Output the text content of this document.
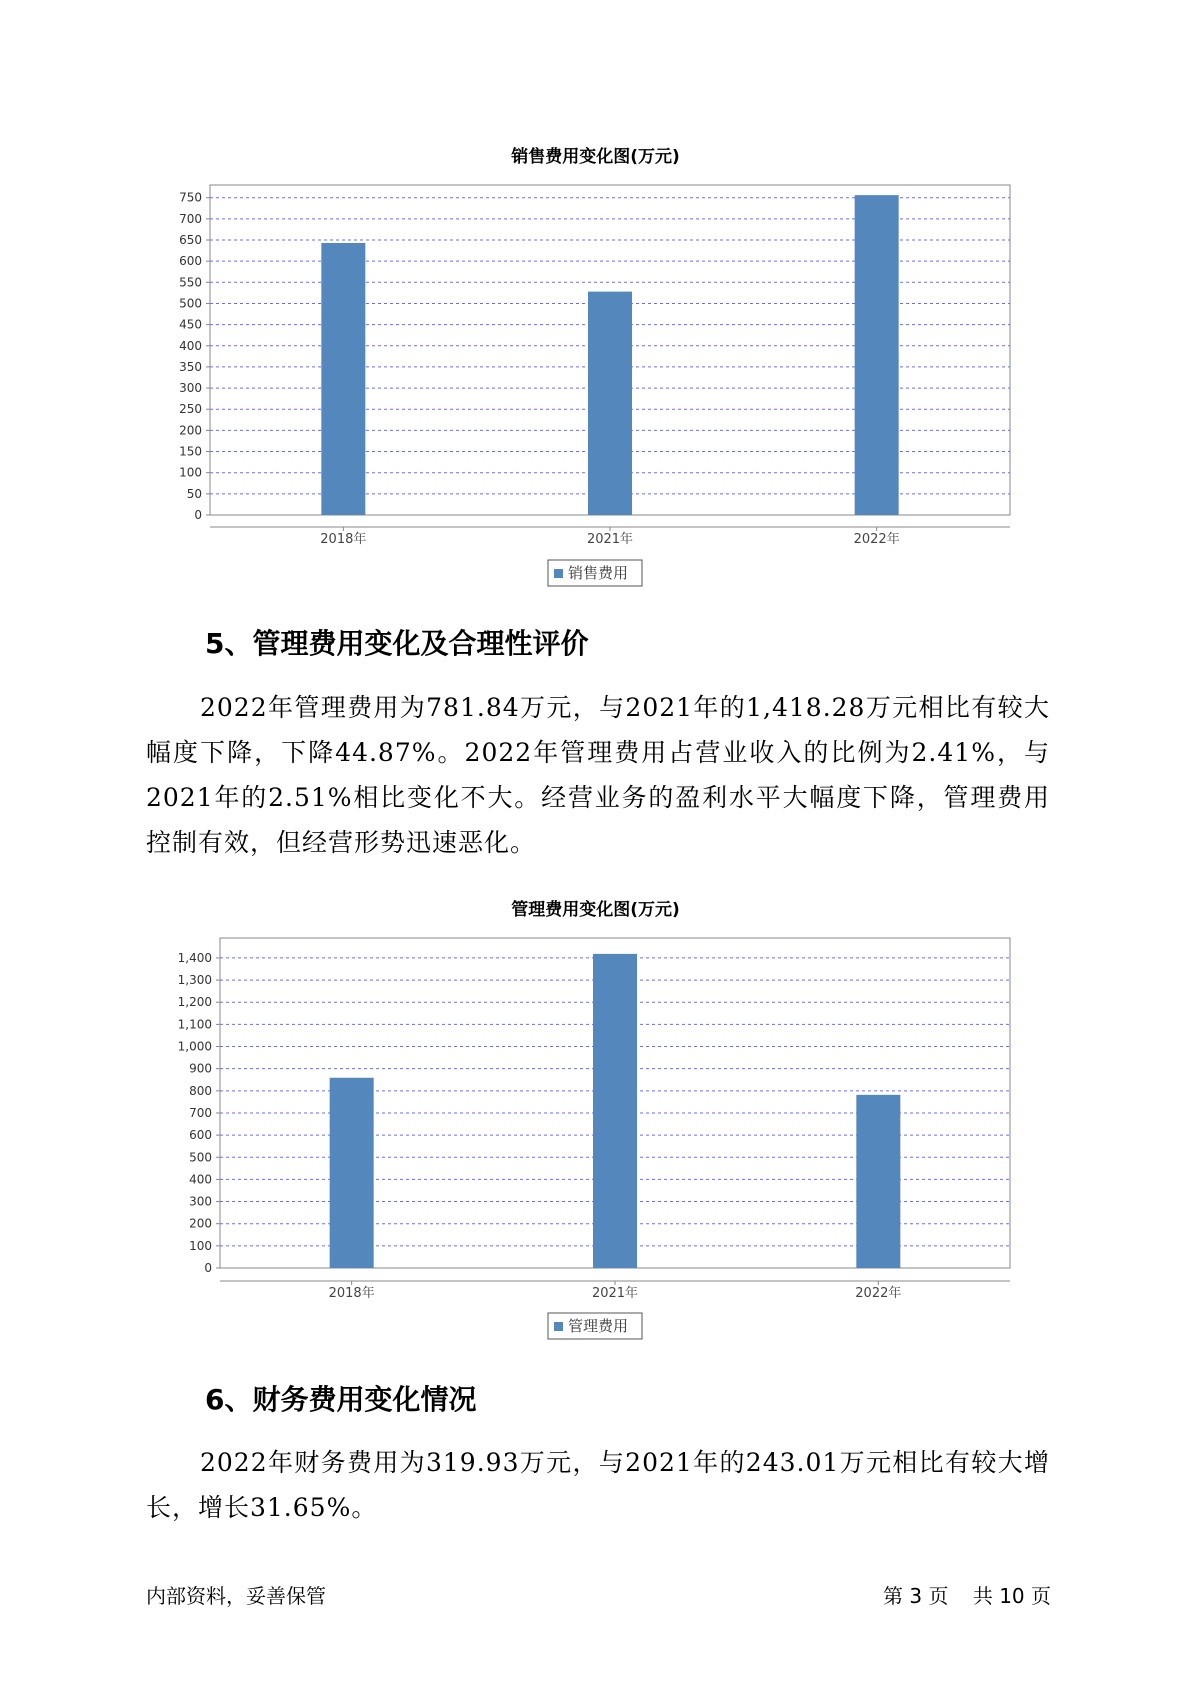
销售费用变化图(万元)
0
50
100
150
200
250
300
350
400
450
500
550
600
650
700
750
2018年	2021年	2022年
销售费用
5、管理费用变化及合理性评价

2022年管理费用为781.84万元，与2021年的1,418.28万元相比有较大幅度下降，下降44.87%。2022年管理费用占营业收入的比例为2.41%，与2021年的2.51%相比变化不大。经营业务的盈利水平大幅度下降，管理费用控制有效，但经营形势迅速恶化。

管理费用变化图(万元)
0
100
200
300
400
500
600
700
800
900
1,000
1,100
1,200
1,300
1,400
2018年	2021年	2022年
管理费用
6、财务费用变化情况

2022年财务费用为319.93万元，与2021年的243.01万元相比有较大增长，增长31.65%。

内部资料，妥善保管	第 3 页 共 10 页
